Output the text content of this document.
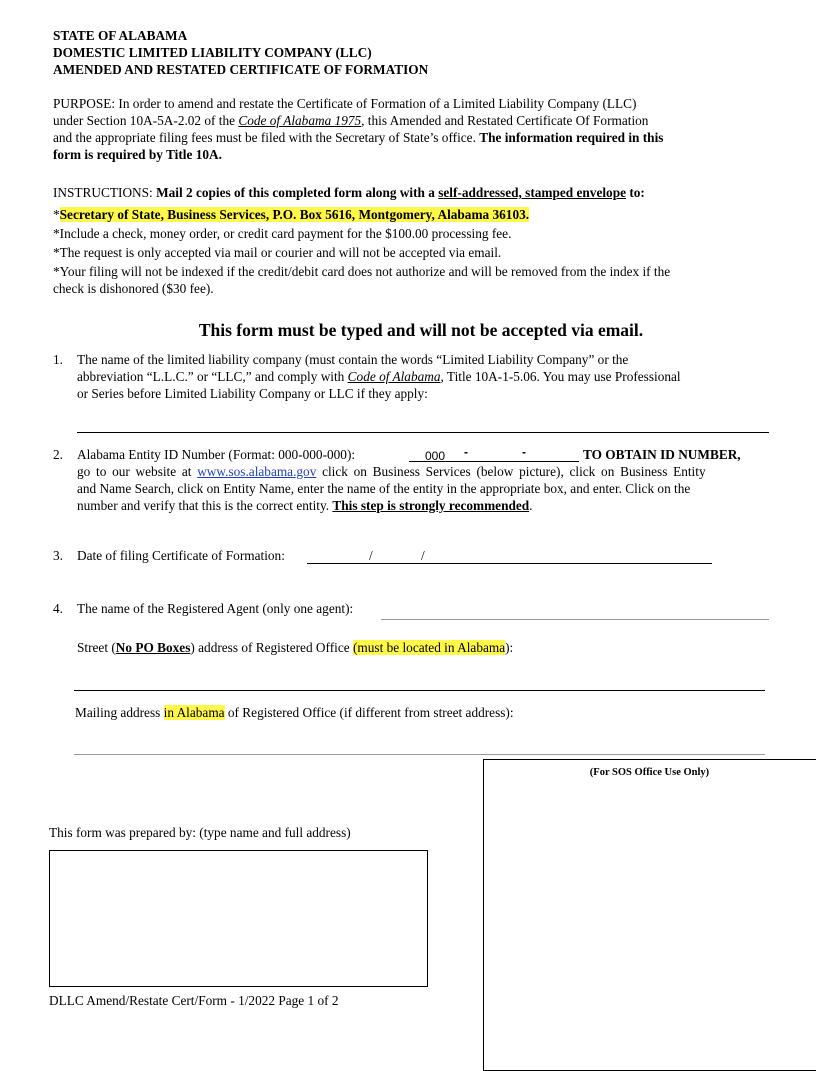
STATE OF ALABAMA
DOMESTIC LIMITED LIABILITY COMPANY (LLC)
AMENDED AND RESTATED CERTIFICATE OF FORMATION
PURPOSE: In order to amend and restate the Certificate of Formation of a Limited Liability Company (LLC)
under Section 10A-5A-2.02 of the Code of Alabama 1975, this Amended and Restated Certificate Of Formation
and the appropriate filing fees must be filed with the Secretary of State’s office. The information required in this
form is required by Title 10A.
INSTRUCTIONS: Mail 2 copies of this completed form along with a self-addressed, stamped envelope to:
*Secretary of State, Business Services, P.O. Box 5616, Montgomery, Alabama 36103.
*Include a check, money order, or credit card payment for the $100.00 processing fee.
*The request is only accepted via mail or courier and will not be accepted via email.
*Your filing will not be indexed if the credit/debit card does not authorize and will be removed from the index if the
check is dishonored ($30 fee).
This form must be typed and will not be accepted via email.
1. The name of the limited liability company (must contain the words “Limited Liability Company” or the
abbreviation “L.L.C.” or “LLC,” and comply with Code of Alabama, Title 10A-1-5.06. You may use Professional
or Series before Limited Liability Company or LLC if they apply:
2. Alabama Entity ID Number (Format: 000-000-000):	000 -	-	TO OBTAIN ID NUMBER,
go to our website at www.sos.alabama.gov click on Business Services (below picture), click on Business Entity
and Name Search, click on Entity Name, enter the name of the entity in the appropriate box, and enter. Click on the
number and verify that this is the correct entity. This step is strongly recommended.
3. Date of filing Certificate of Formation:	/	/
4. The name of the Registered Agent (only one agent):
Street (No PO Boxes) address of Registered Office (must be located in Alabama):
Mailing address in Alabama of Registered Office (if different from street address):
(For SOS Office Use Only)
This form was prepared by: (type name and full address)
DLLC Amend/Restate Cert/Form - 1/2022 Page 1 of 2
